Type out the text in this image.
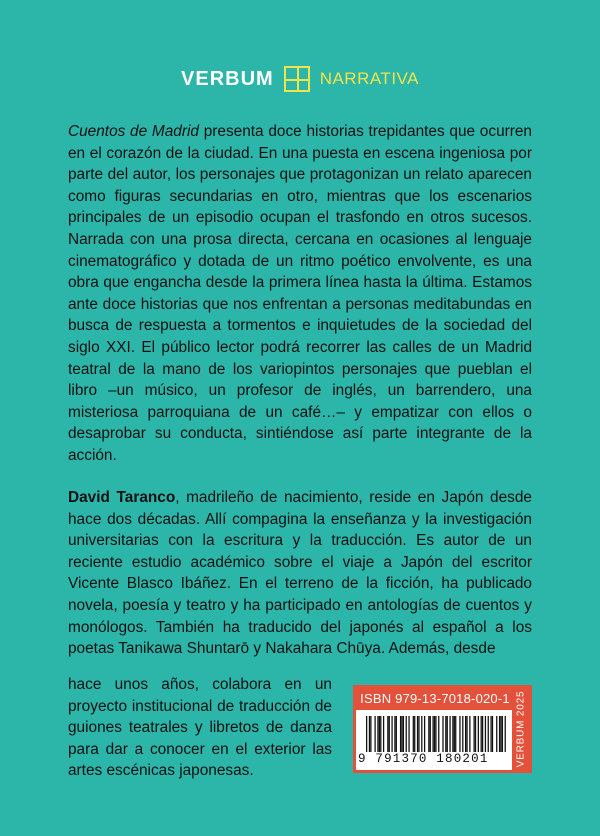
VERBUM	NARRATIVA
Cuentos de Madrid presenta doce historias trepidantes que ocurren en el corazón de la ciudad. En una puesta en escena ingeniosa por parte del autor, los personajes que protagonizan un relato aparecen como figuras secundarias en otro, mientras que los escenarios principales de un episodio ocupan el trasfondo en otros sucesos. Narrada con una prosa directa, cercana en ocasiones al lenguaje cinematográfico y dotada de un ritmo poético envolvente, es una obra que engancha desde la primera línea hasta la última. Estamos ante doce historias que nos enfrentan a personas meditabundas en busca de respuesta a tormentos e inquietudes de la sociedad del siglo XXI. El público lector podrá recorrer las calles de un Madrid teatral de la mano de los variopintos personajes que pueblan el libro –un músico, un profesor de inglés, un barrendero, una misteriosa parroquiana de un café…– y empatizar con ellos o desaprobar su conducta, sintiéndose así parte integrante de la acción.
David Taranco, madrileño de nacimiento, reside en Japón desde hace dos décadas. Allí compagina la enseñanza y la investigación universitarias con la escritura y la traducción. Es autor de un reciente estudio académico sobre el viaje a Japón del escritor Vicente Blasco Ibáñez. En el terreno de la ficción, ha publicado novela, poesía y teatro y ha participado en antologías de cuentos y monólogos. También ha traducido del japonés al español a los poetas Tanikawa Shuntarō y Nakahara Chūya. Además, desde
hace unos años, colabora en un proyecto institucional de traducción de guiones teatrales y libretos de danza para dar a conocer en el exterior las artes escénicas japonesas.
ISBN 979-13-7018-020-1 VERBUM 2025
9 791370 180201
